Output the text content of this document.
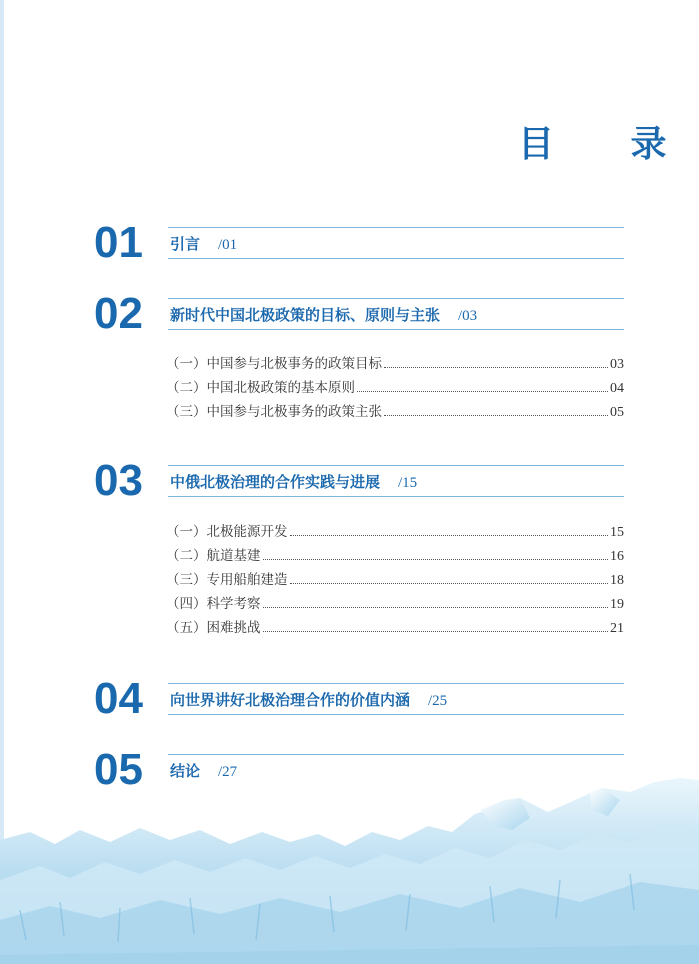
目 录
01 引言 /01
02 新时代中国北极政策的目标、原则与主张 /03
（一）中国参与北极事务的政策目标	03
（二）中国北极政策的基本原则	04
（三）中国参与北极事务的政策主张	05
03 中俄北极治理的合作实践与进展 /15
（一）北极能源开发	15
（二）航道基建	16
（三）专用船舶建造	18
（四）科学考察	19
（五）困难挑战	21
04 向世界讲好北极治理合作的价值内涵 /25
05 结论 /27
